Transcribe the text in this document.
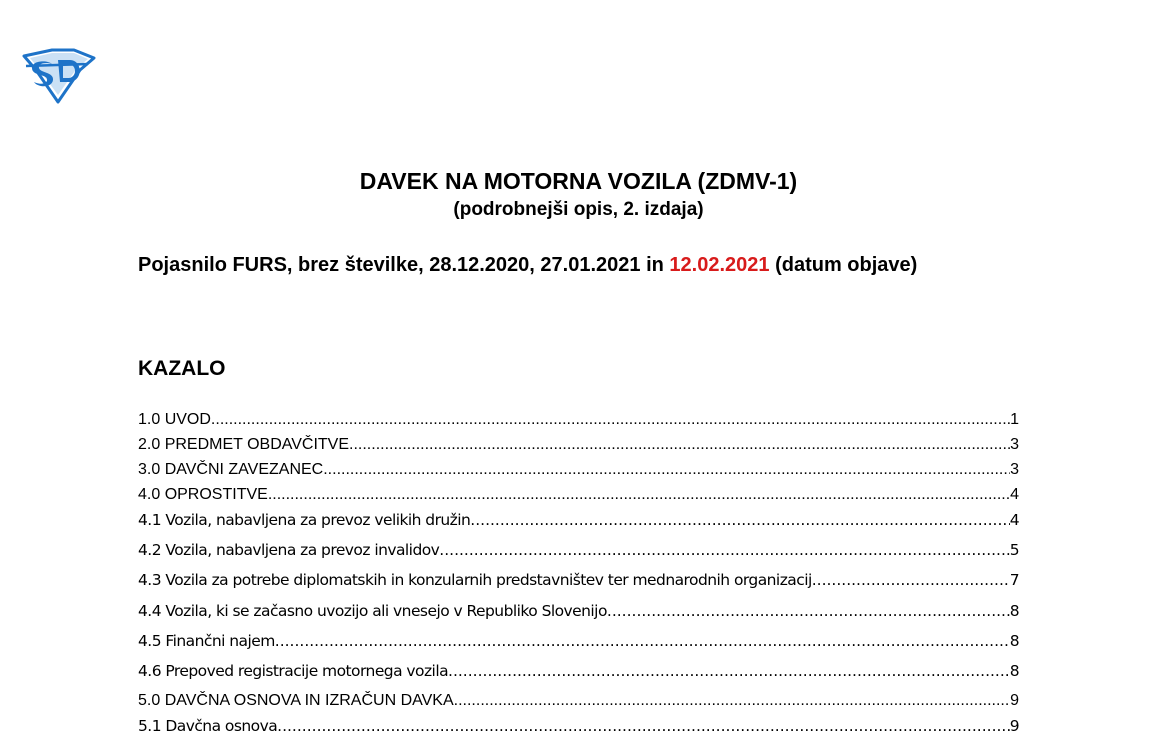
DAVEK NA MOTORNA VOZILA (ZDMV-1)
(podrobnejši opis, 2. izdaja)
Pojasnilo FURS, brez številke, 28.12.2020, 27.01.2021 in 12.02.2021 (datum objave)
KAZALO
1.0 UVOD .....	1
2.0 PREDMET OBDAVČITVE .....	3
3.0 DAVČNI ZAVEZANEC .....	3
4.0 OPROSTITVE .....	4
4.1 Vozila, nabavljena za prevoz velikih družin .....	4
4.2 Vozila, nabavljena za prevoz invalidov .....	5
4.3 Vozila za potrebe diplomatskih in konzularnih predstavništev ter mednarodnih organizacij .....	7
4.4 Vozila, ki se začasno uvozijo ali vnesejo v Republiko Slovenijo .....	8
4.5 Finančni najem .....	8
4.6 Prepoved registracije motornega vozila .....	8
5.0 DAVČNA OSNOVA IN IZRAČUN DAVKA .....	9
5.1 Davčna osnova .....	9
